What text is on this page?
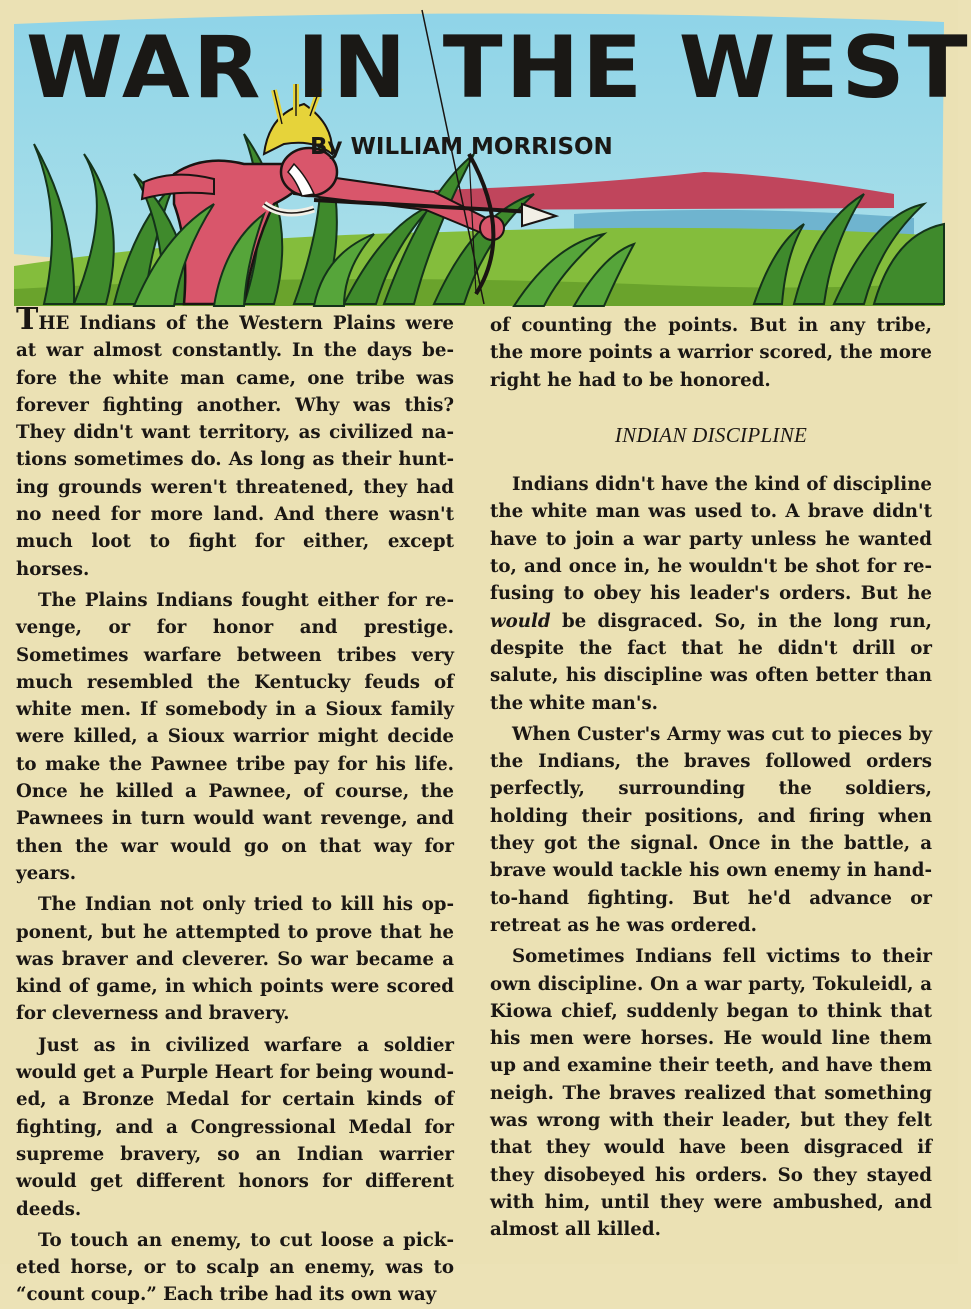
WAR IN THE WEST
By WILLIAM MORRISON

THE Indians of the Western Plains were at war almost constantly. In the days before the white man came, one tribe was forever fighting another. Why was this? They didn't want territory, as civilized nations sometimes do. As long as their hunting grounds weren't threatened, they had no need for more land. And there wasn't much loot to fight for either, except horses.

The Plains Indians fought either for revenge, or for honor and prestige. Sometimes warfare between tribes very much resembled the Kentucky feuds of white men. If somebody in a Sioux family were killed, a Sioux warrior might decide to make the Pawnee tribe pay for his life. Once he killed a Pawnee, of course, the Pawnees in turn would want revenge, and then the war would go on that way for years.

The Indian not only tried to kill his opponent, but he attempted to prove that he was braver and cleverer. So war became a kind of game, in which points were scored for cleverness and bravery.

Just as in civilized warfare a soldier would get a Purple Heart for being wounded, a Bronze Medal for certain kinds of fighting, and a Congressional Medal for supreme bravery, so an Indian warrier would get different honors for different deeds.

To touch an enemy, to cut loose a picketed horse, or to scalp an enemy, was to “count coup.” Each tribe had its own way

of counting the points. But in any tribe, the more points a warrior scored, the more right he had to be honored.

INDIAN DISCIPLINE

Indians didn't have the kind of discipline the white man was used to. A brave didn't have to join a war party unless he wanted to, and once in, he wouldn't be shot for refusing to obey his leader's orders. But he would be disgraced. So, in the long run, despite the fact that he didn't drill or salute, his discipline was often better than the white man's.

When Custer's Army was cut to pieces by the Indians, the braves followed orders perfectly, surrounding the soldiers, holding their positions, and firing when they got the signal. Once in the battle, a brave would tackle his own enemy in hand-to-hand fighting. But he'd advance or retreat as he was ordered.

Sometimes Indians fell victims to their own discipline. On a war party, Tokuleidl, a Kiowa chief, suddenly began to think that his men were horses. He would line them up and examine their teeth, and have them neigh. The braves realized that something was wrong with their leader, but they felt that they would have been disgraced if they disobeyed his orders. So they stayed with him, until they were ambushed, and almost all killed.
